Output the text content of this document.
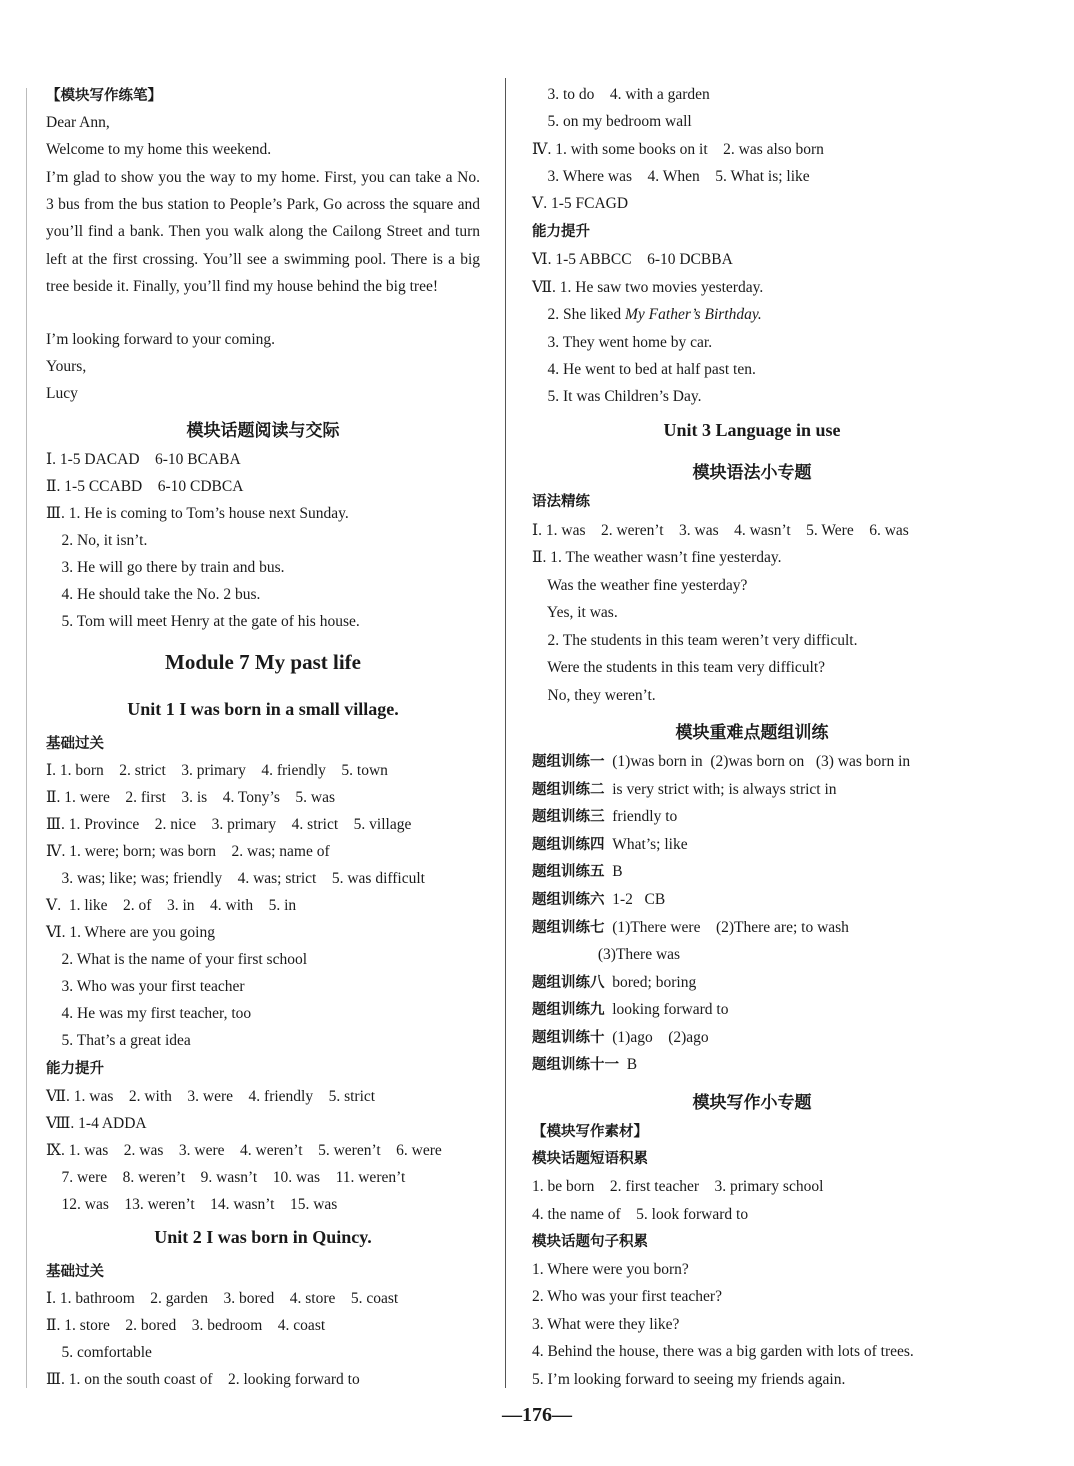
【模块写作练笔】
Dear Ann,
Welcome to my home this weekend.
I’m glad to show you the way to my home. First, you can take a No. 3 bus from the bus station to People’s Park, Go across the square and you’ll find a bank. Then you walk along the Cailong Street and turn left at the first crossing. You’ll see a swimming pool. There is a big tree beside it. Finally, you’ll find my house behind the big tree!
I’m looking forward to your coming.
Yours,
Lucy
模块话题阅读与交际
Ⅰ. 1-5 DACAD    6-10 BCABA
Ⅱ. 1-5 CCABD    6-10 CDBCA
Ⅲ. 1. He is coming to Tom’s house next Sunday.
2. No, it isn’t.
3. He will go there by train and bus.
4. He should take the No. 2 bus.
5. Tom will meet Henry at the gate of his house.
Module 7 My past life
Unit 1 I was born in a small village.
基础过关
Ⅰ. 1. born    2. strict    3. primary    4. friendly    5. town
Ⅱ. 1. were    2. first    3. is    4. Tony’s    5. was
Ⅲ. 1. Province    2. nice    3. primary    4. strict    5. village
Ⅳ. 1. were; born; was born    2. was; name of
3. was; like; was; friendly    4. was; strict    5. was difficult
Ⅴ.  1. like    2. of    3. in    4. with    5. in
Ⅵ. 1. Where are you going
2. What is the name of your first school
3. Who was your first teacher
4. He was my first teacher, too
5. That’s a great idea
能力提升
Ⅶ. 1. was    2. with    3. were    4. friendly    5. strict
Ⅷ. 1-4 ADDA
Ⅸ. 1. was    2. was    3. were    4. weren’t    5. weren’t    6. were
7. were    8. weren’t    9. wasn’t    10. was    11. weren’t
12. was    13. weren’t    14. wasn’t    15. was
Unit 2 I was born in Quincy.
基础过关
Ⅰ. 1. bathroom    2. garden    3. bored    4. store    5. coast
Ⅱ. 1. store    2. bored    3. bedroom    4. coast
5. comfortable
Ⅲ. 1. on the south coast of    2. looking forward to
3. to do    4. with a garden
5. on my bedroom wall
Ⅳ. 1. with some books on it    2. was also born
3. Where was    4. When    5. What is; like
Ⅴ. 1-5 FCAGD
能力提升
Ⅵ. 1-5 ABBCC    6-10 DCBBA
Ⅶ. 1. He saw two movies yesterday.
2. She liked My Father’s Birthday.
3. They went home by car.
4. He went to bed at half past ten.
5. It was Children’s Day.
Unit 3 Language in use
模块语法小专题
语法精练
Ⅰ. 1. was    2. weren’t    3. was    4. wasn’t    5. Were    6. was
Ⅱ. 1. The weather wasn’t fine yesterday.
Was the weather fine yesterday?
Yes, it was.
2. The students in this team weren’t very difficult.
Were the students in this team very difficult?
No, they weren’t.
模块重难点题组训练
题组训练一  (1)was born in  (2)was born on   (3) was born in
题组训练二  is very strict with; is always strict in
题组训练三  friendly to
题组训练四  What’s; like
题组训练五  B
题组训练六  1-2   CB
题组训练七  (1)There were    (2)There are; to wash
(3)There was
题组训练八  bored; boring
题组训练九  looking forward to
题组训练十  (1)ago    (2)ago
题组训练十一  B
模块写作小专题
【模块写作素材】
模块话题短语积累
1. be born    2. first teacher    3. primary school
4. the name of    5. look forward to
模块话题句子积累
1. Where were you born?
2. Who was your first teacher?
3. What were they like?
4. Behind the house, there was a big garden with lots of trees.
5. I’m looking forward to seeing my friends again.
—176—
